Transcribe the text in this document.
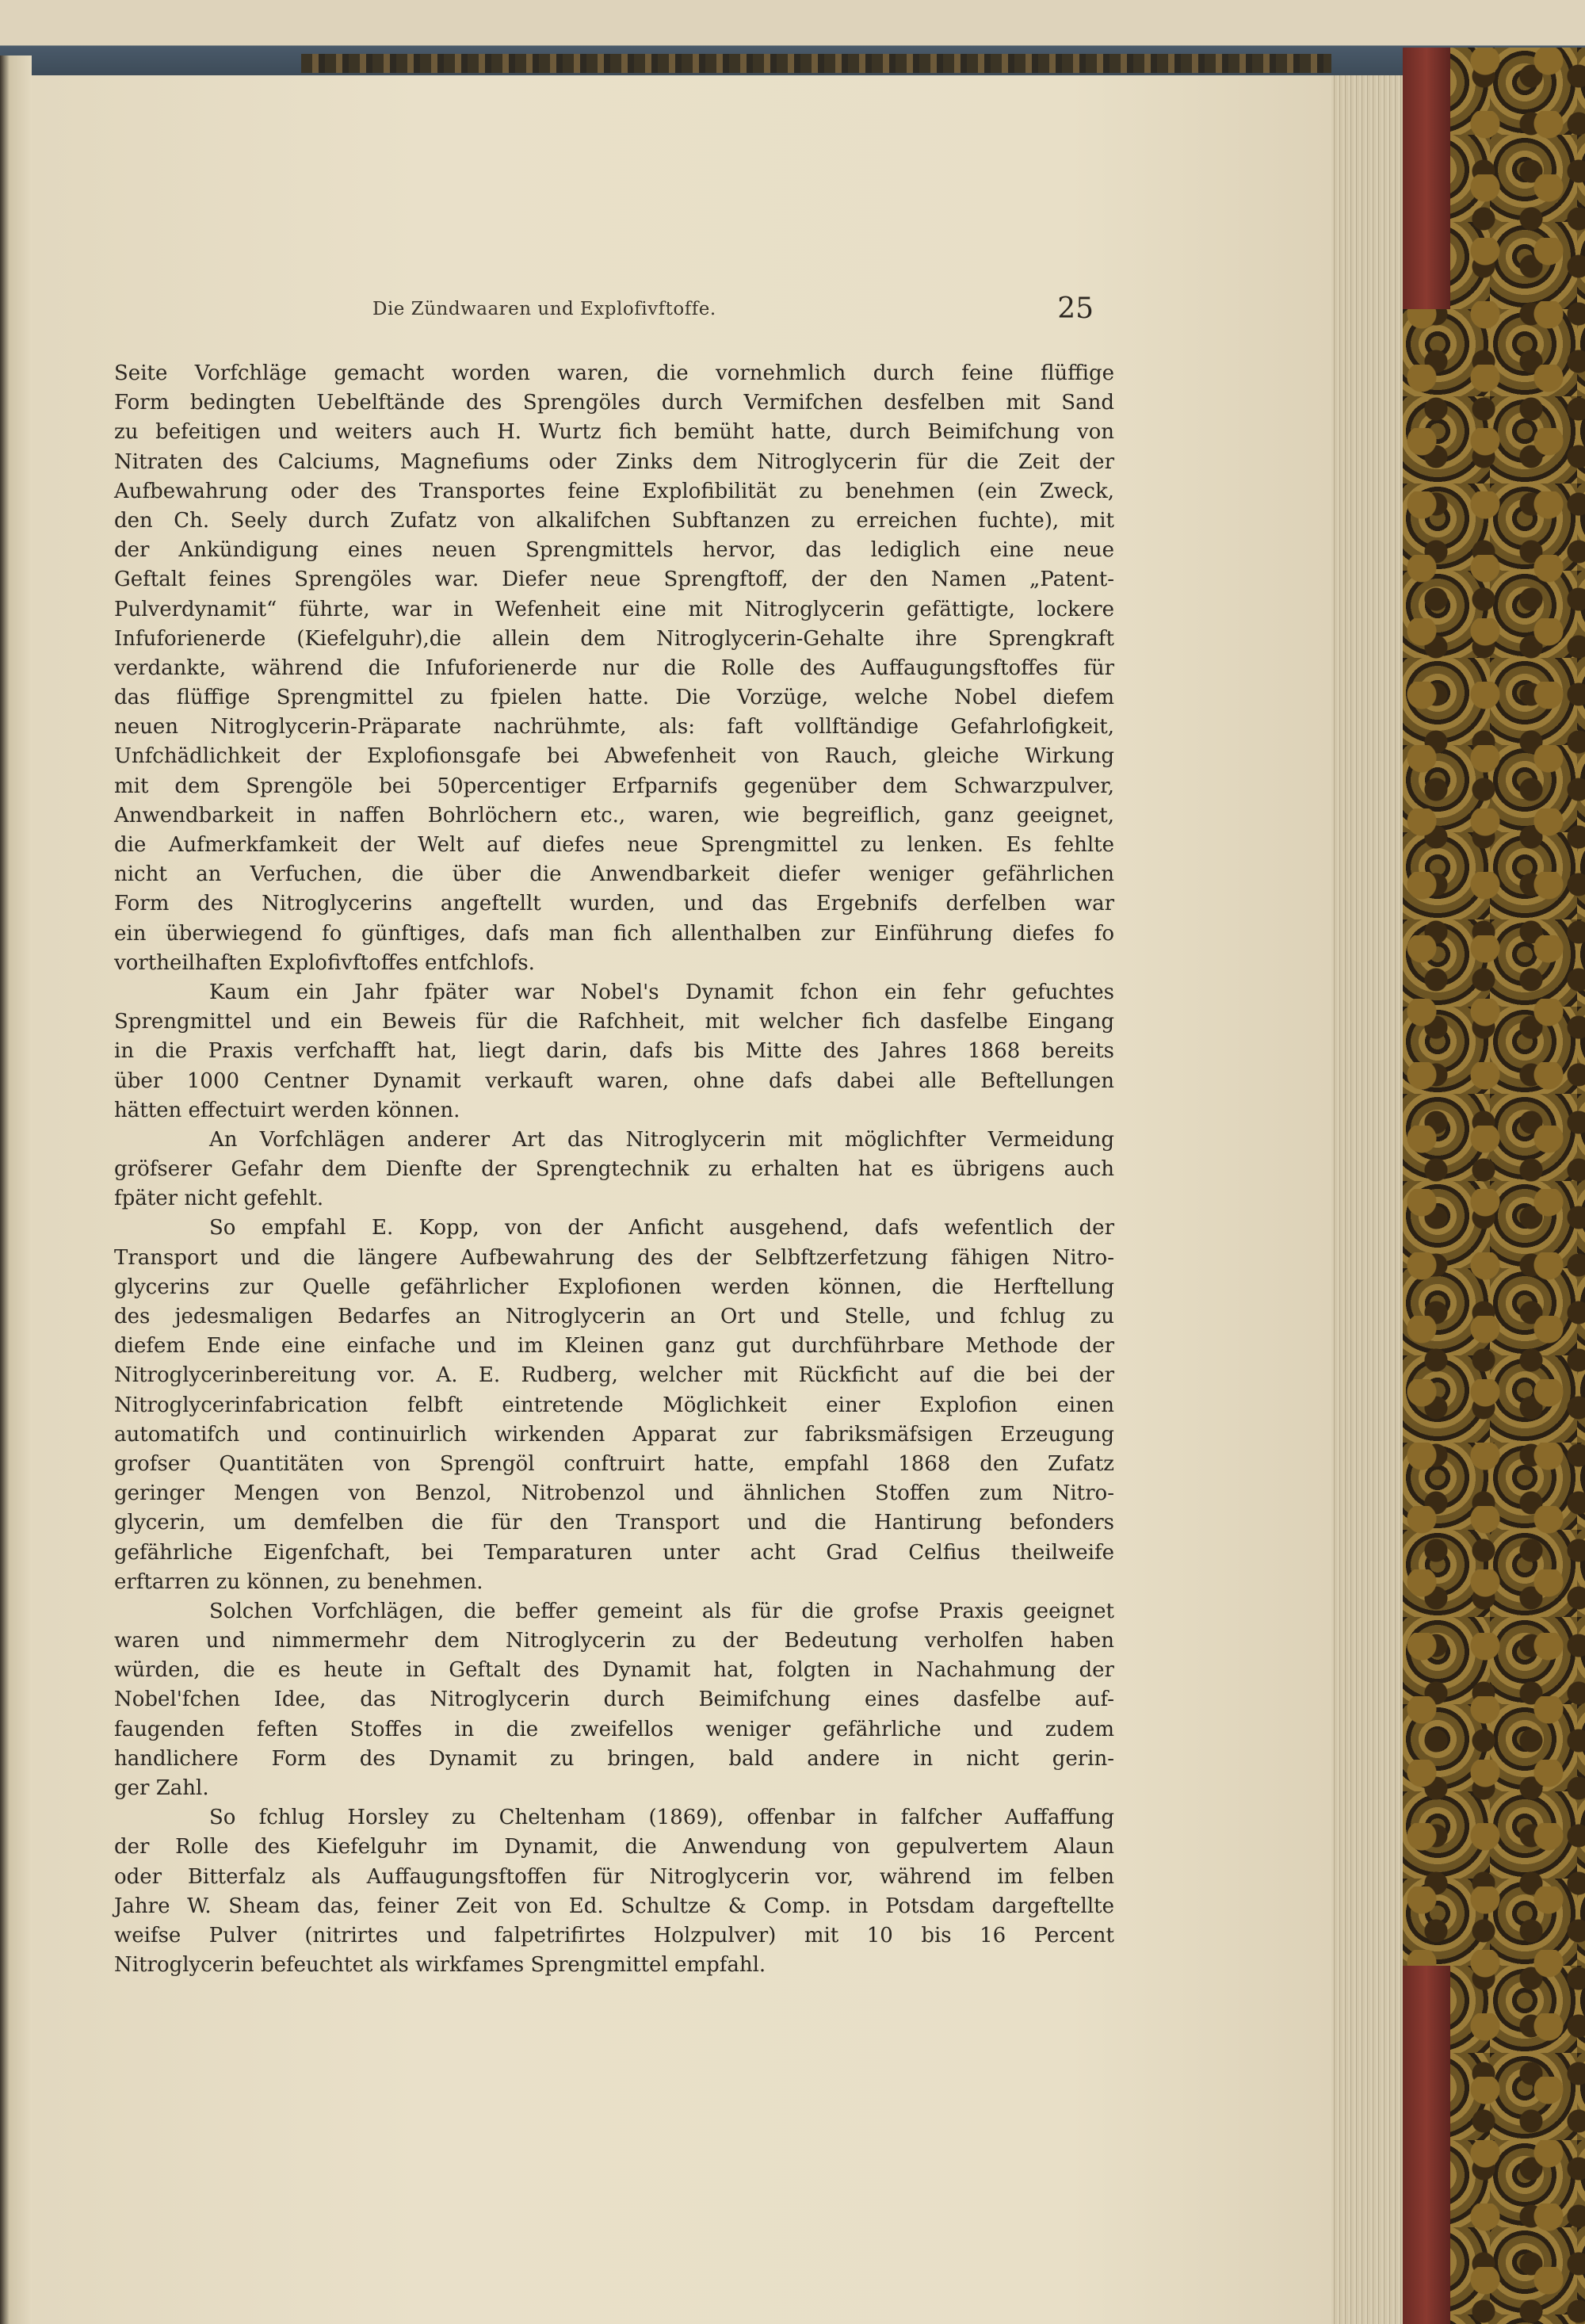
Die Zündwaaren und Explofivftoffe.	25
Seite Vorfchläge gemacht worden waren, die vornehmlich durch feine flüffige
Form bedingten Uebelftände des Sprengöles durch Vermifchen desfelben mit Sand
zu befeitigen und weiters auch H. Wurtz fich bemüht hatte, durch Beimifchung von
Nitraten des Calciums, Magnefiums oder Zinks dem Nitroglycerin für die Zeit der
Aufbewahrung oder des Transportes feine Explofibilität zu benehmen (ein Zweck,
den Ch. Seely durch Zufatz von alkalifchen Subftanzen zu erreichen fuchte), mit
der Ankündigung eines neuen Sprengmittels hervor, das lediglich eine neue
Geftalt feines Sprengöles war. Diefer neue Sprengftoff, der den Namen „Patent-
Pulverdynamit“ führte, war in Wefenheit eine mit Nitroglycerin gefättigte, lockere
Infuforienerde (Kiefelguhr),die allein dem Nitroglycerin-Gehalte ihre Sprengkraft
verdankte, während die Infuforienerde nur die Rolle des Auffaugungsftoffes für
das flüffige Sprengmittel zu fpielen hatte. Die Vorzüge, welche Nobel diefem
neuen Nitroglycerin-Präparate nachrühmte, als: faft vollftändige Gefahrlofigkeit,
Unfchädlichkeit der Explofionsgafe bei Abwefenheit von Rauch, gleiche Wirkung
mit dem Sprengöle bei 50percentiger Erfparnifs gegenüber dem Schwarzpulver,
Anwendbarkeit in naffen Bohrlöchern etc., waren, wie begreiflich, ganz geeignet,
die Aufmerkfamkeit der Welt auf diefes neue Sprengmittel zu lenken. Es fehlte
nicht an Verfuchen, die über die Anwendbarkeit diefer weniger gefährlichen
Form des Nitroglycerins angeftellt wurden, und das Ergebnifs derfelben war
ein überwiegend fo günftiges, dafs man fich allenthalben zur Einführung diefes fo
vortheilhaften Explofivftoffes entfchlofs.
Kaum ein Jahr fpäter war Nobel's Dynamit fchon ein fehr gefuchtes
Sprengmittel und ein Beweis für die Rafchheit, mit welcher fich dasfelbe Eingang
in die Praxis verfchafft hat, liegt darin, dafs bis Mitte des Jahres 1868 bereits
über 1000 Centner Dynamit verkauft waren, ohne dafs dabei alle Beftellungen
hätten effectuirt werden können.
An Vorfchlägen anderer Art das Nitroglycerin mit möglichfter Vermeidung
gröfserer Gefahr dem Dienfte der Sprengtechnik zu erhalten hat es übrigens auch
fpäter nicht gefehlt.
So empfahl E. Kopp, von der Anficht ausgehend, dafs wefentlich der
Transport und die längere Aufbewahrung des der Selbftzerfetzung fähigen Nitro-
glycerins zur Quelle gefährlicher Explofionen werden können, die Herftellung
des jedesmaligen Bedarfes an Nitroglycerin an Ort und Stelle, und fchlug zu
diefem Ende eine einfache und im Kleinen ganz gut durchführbare Methode der
Nitroglycerinbereitung vor. A. E. Rudberg, welcher mit Rückficht auf die bei der
Nitroglycerinfabrication felbft eintretende Möglichkeit einer Explofion einen
automatifch und continuirlich wirkenden Apparat zur fabriksmäfsigen Erzeugung
grofser Quantitäten von Sprengöl conftruirt hatte, empfahl 1868 den Zufatz
geringer Mengen von Benzol, Nitrobenzol und ähnlichen Stoffen zum Nitro-
glycerin, um demfelben die für den Transport und die Hantirung befonders
gefährliche Eigenfchaft, bei Temparaturen unter acht Grad Celfius theilweife
erftarren zu können, zu benehmen.
Solchen Vorfchlägen, die beffer gemeint als für die grofse Praxis geeignet
waren und nimmermehr dem Nitroglycerin zu der Bedeutung verholfen haben
würden, die es heute in Geftalt des Dynamit hat, folgten in Nachahmung der
Nobel'fchen Idee, das Nitroglycerin durch Beimifchung eines dasfelbe auf-
faugenden feften Stoffes in die zweifellos weniger gefährliche und zudem
handlichere Form des Dynamit zu bringen, bald andere in nicht gerin-
ger Zahl.
So fchlug Horsley zu Cheltenham (1869), offenbar in falfcher Auffaffung
der Rolle des Kiefelguhr im Dynamit, die Anwendung von gepulvertem Alaun
oder Bitterfalz als Auffaugungsftoffen für Nitroglycerin vor, während im felben
Jahre W. Sheam das, feiner Zeit von Ed. Schultze & Comp. in Potsdam dargeftellte
weifse Pulver (nitrirtes und falpetrifirtes Holzpulver) mit 10 bis 16 Percent
Nitroglycerin befeuchtet als wirkfames Sprengmittel empfahl.
